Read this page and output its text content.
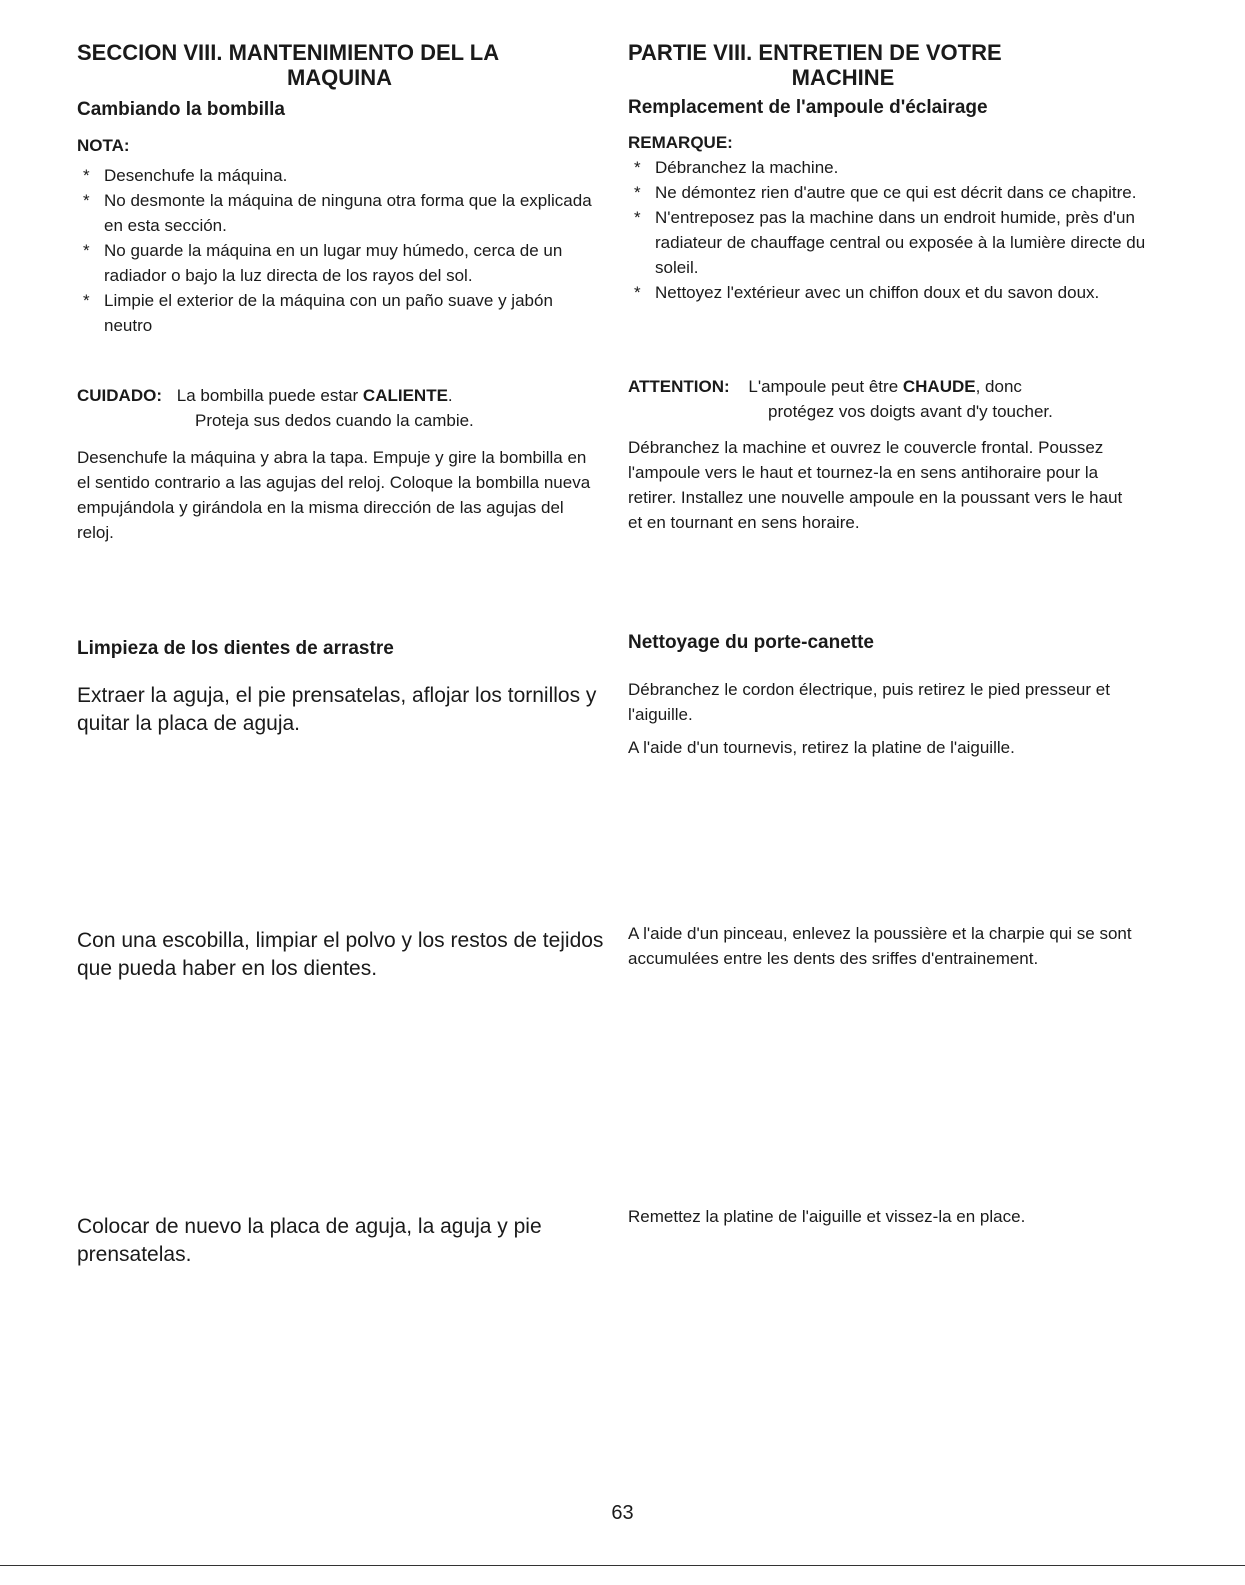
SECCION VIII. MANTENIMIENTO DEL LA
MAQUINA
Cambiando la bombilla

NOTA:

* Desenchufe la máquina.
* No desmonte la máquina de ninguna otra forma que la explicada en esta sección.
* No guarde la máquina en un lugar muy húmedo, cerca de un radiador o bajo la luz directa de los rayos del sol.
* Limpie el exterior de la máquina con un paño suave y jabón neutro
CUIDADO: La bombilla puede estar CALIENTE.
Proteja sus dedos cuando la cambie.

Desenchufe la máquina y abra la tapa. Empuje y gire la bombilla en el sentido contrario a las agujas del reloj. Coloque la bombilla nueva empujándola y girándola en la misma dirección de las agujas del reloj.

Limpieza de los dientes de arrastre

Extraer la aguja, el pie prensatelas, aflojar los tornillos y quitar la placa de aguja.

Con una escobilla, limpiar el polvo y los restos de tejidos que pueda haber en los dientes.

Colocar de nuevo la placa de aguja, la aguja y pie prensatelas.

PARTIE VIII. ENTRETIEN DE VOTRE
MACHINE
Remplacement de l'ampoule d'éclairage

REMARQUE:

* Débranchez la machine.
* Ne démontez rien d'autre que ce qui est décrit dans ce chapitre.
* N'entreposez pas la machine dans un endroit humide, près d'un radiateur de chauffage central ou exposée à la lumière directe du soleil.
* Nettoyez l'extérieur avec un chiffon doux et du savon doux.
ATTENTION: L'ampoule peut être CHAUDE, donc
protégez vos doigts avant d'y toucher.

Débranchez la machine et ouvrez le couvercle frontal. Poussez l'ampoule vers le haut et tournez-la en sens antihoraire pour la retirer. Installez une nouvelle ampoule en la poussant vers le haut et en tournant en sens horaire.

Nettoyage du porte-canette

Débranchez le cordon électrique, puis retirez le pied presseur et l'aiguille.

A l'aide d'un tournevis, retirez la platine de l'aiguille.

A l'aide d'un pinceau, enlevez la poussière et la charpie qui se sont accumulées entre les dents des sriffes d'entrainement.

Remettez la platine de l'aiguille et vissez-la en place.

63
